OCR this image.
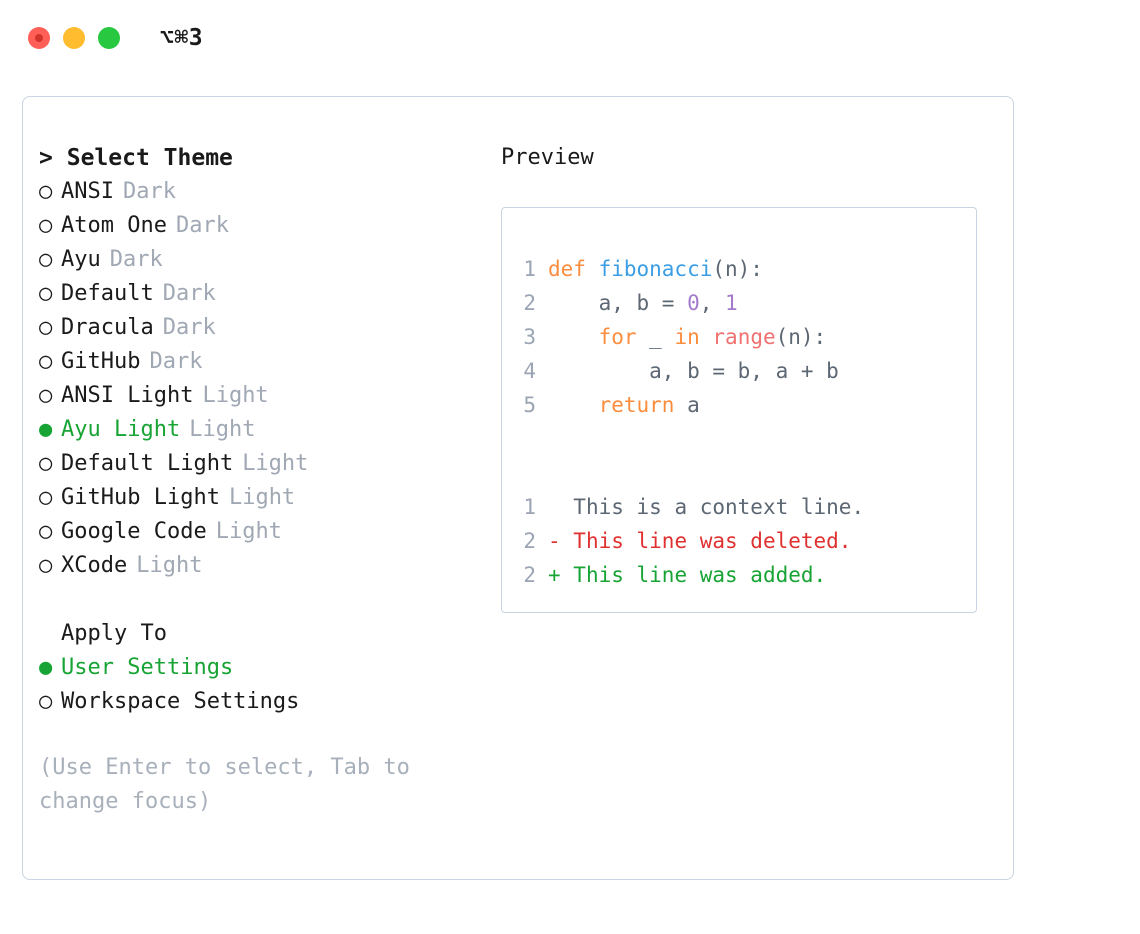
⌥⌘3
> Select Theme
○ ANSI Dark
○ Atom One Dark
○ Ayu Dark
○ Default Dark
○ Dracula Dark
○ GitHub Dark
○ ANSI Light Light
● Ayu Light Light
○ Default Light Light
○ GitHub Light Light
○ Google Code Light
○ XCode Light
Apply To
● User Settings
○ Workspace Settings
(Use Enter to select, Tab to change focus)
Preview
1 def fibonacci (n):
2 a, b = 0 , 1
3
	for _ in
range (n):
4 a, b = b, a + b
5
	return a
1
	This is a context line.
2 - This line was deleted.
2 + This line was added.
